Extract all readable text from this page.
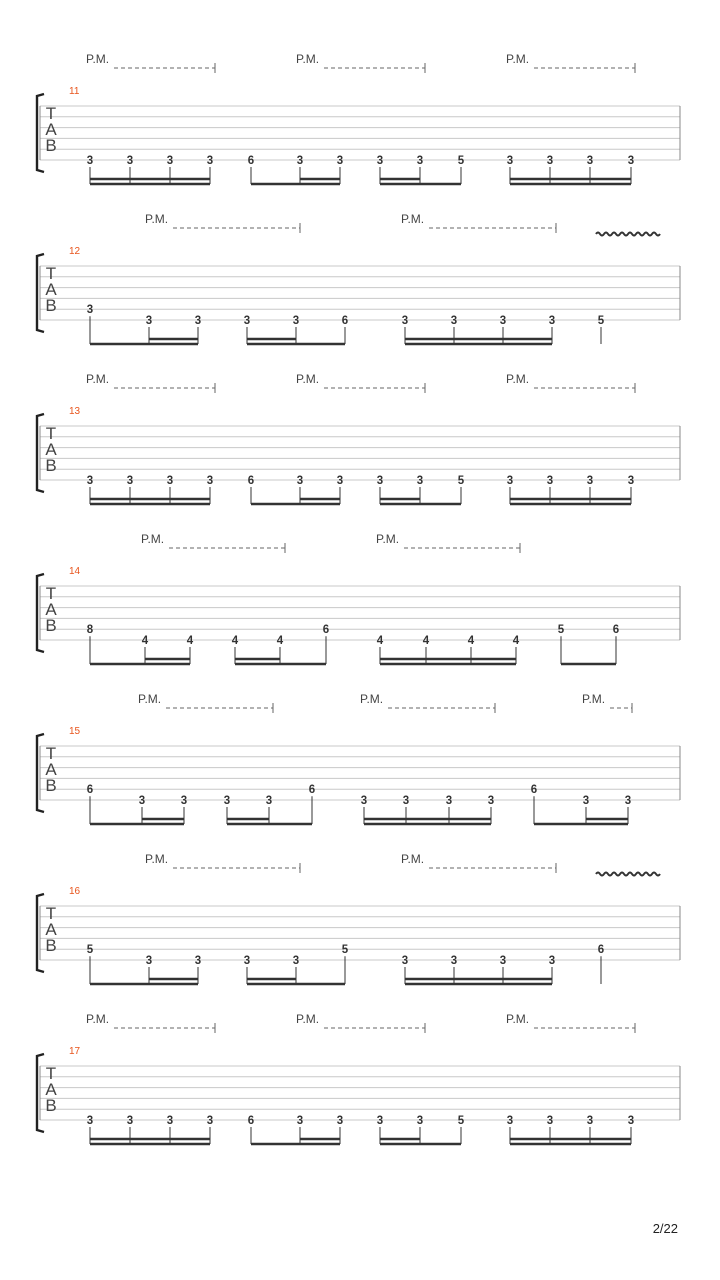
T
A
B
11
P.M.	P.M.	P.M.
3	3	3	3	6	3	3	3	3	5	3	3	3	3
T
A
B
12
P.M.	P.M.
3
3	3	3	3	6	3	3	3	3	5
T
A
B
13
P.M.	P.M.	P.M.
3	3	3	3	6	3	3	3	3	5	3	3	3	3
T
A
B
14
P.M.	P.M.
8
4	4	4	4
6
4	4	4	4
5	6
T
A
B
15
P.M.	P.M.	P.M.
6
3	3	3	3
6
3	3	3	3
6
3	3
T
A
B
16
P.M.	P.M.
5
3	3	3	3
5
3	3	3	3
6
T
A
B
17
P.M.	P.M.	P.M.
3	3	3	3	6	3	3	3	3	5	3	3	3	3
2/22
